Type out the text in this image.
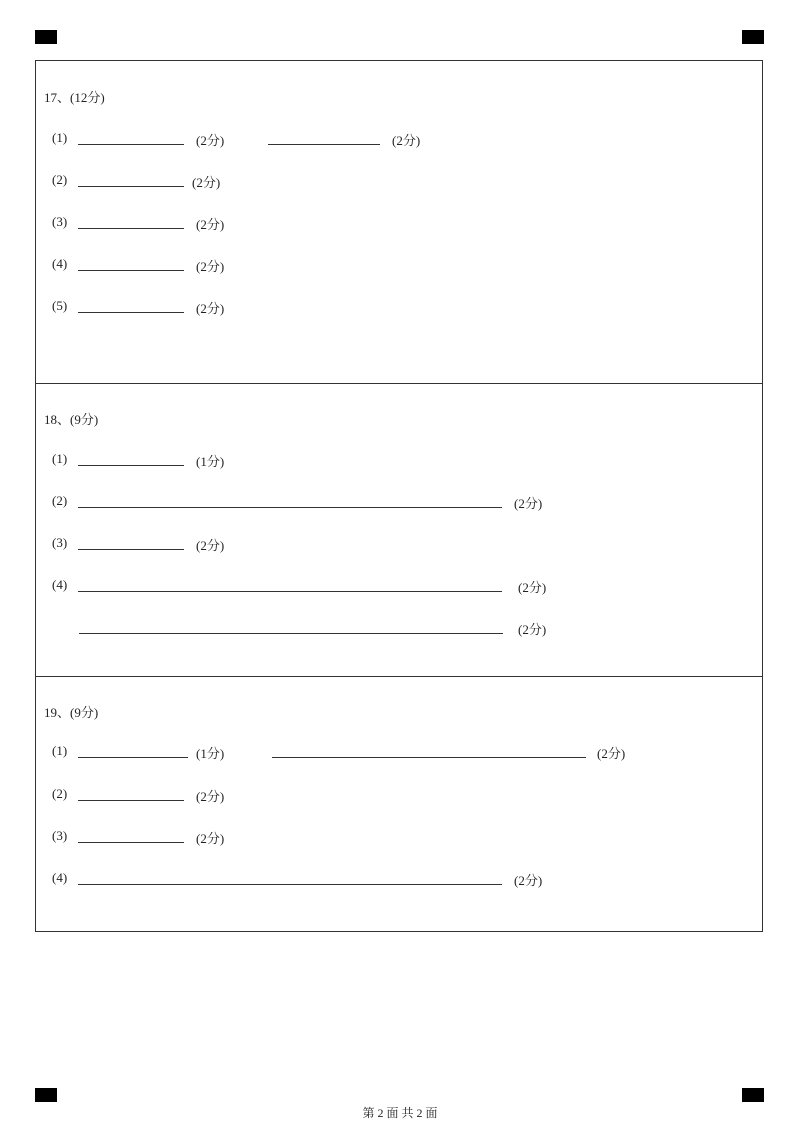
17、(12分)
(1)	(2分)	(2分)
(2)	(2分)
(3)	(2分)
(4)	(2分)
(5)	(2分)
18、(9分)
(1)	(1分)
(2)	(2分)
(3)	(2分)
(4)	(2分)
(2分)
19、(9分)
(1)	(1分)	(2分)
(2)	(2分)
(3)	(2分)
(4)	(2分)
第 2 面 共 2 面
